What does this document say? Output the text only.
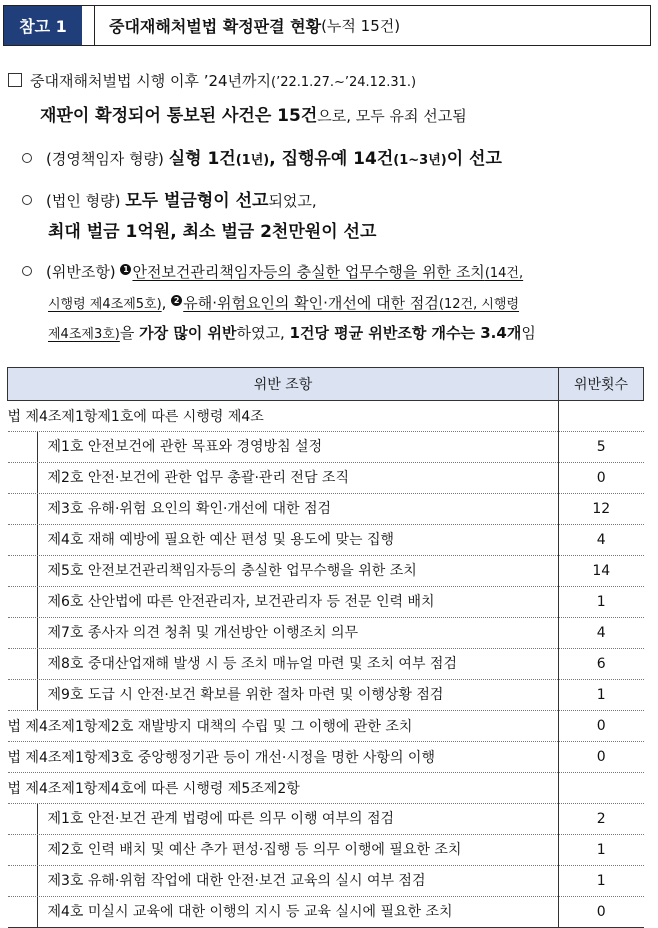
참고 1	중대재해처벌법 확정판결 현황 (누적 15건)
중대재해처벌법 시행 이후 ’24년까지(’22.1.27.~’24.12.31.)
재판이 확정되어 통보된 사건은 15건으로, 모두 유죄 선고됨
(경영책임자 형량) 실형 1건(1년), 집행유예 14건(1~3년)이 선고
(법인 형량) 모두 벌금형이 선고되었고,
최대 벌금 1억원, 최소 벌금 2천만원이 선고
(위반조항) 1 안전보건관리책임자등의 충실한 업무수행을 위한 조치(14건,
시행령 제4조제5호), 2 유해·위험요인의 확인·개선에 대한 점검(12건, 시행령
제4조제3호)을 가장 많이 위반하였고, 1건당 평균 위반조항 개수는 3.4개임
위반 조항	위반횟수
법 제4조제1항제1호에 따른 시행령 제4조	

제1호 안전보건에 관한 목표와 경영방침 설정	5

제2호 안전·보건에 관한 업무 총괄·관리 전담 조직	0

제3호 유해·위험 요인의 확인·개선에 대한 점검	12

제4호 재해 예방에 필요한 예산 편성 및 용도에 맞는 집행	4

제5호 안전보건관리책임자등의 충실한 업무수행을 위한 조치	14

제6호 산안법에 따른 안전관리자, 보건관리자 등 전문 인력 배치	1

제7호 종사자 의견 청취 및 개선방안 이행조치 의무	4

제8호 중대산업재해 발생 시 등 조치 매뉴얼 마련 및 조치 여부 점검	6

제9호 도급 시 안전·보건 확보를 위한 절차 마련 및 이행상황 점검	1
법 제4조제1항제2호 재발방지 대책의 수립 및 그 이행에 관한 조치	0
법 제4조제1항제3호 중앙행정기관 등이 개선·시정을 명한 사항의 이행	0
법 제4조제1항제4호에 따른 시행령 제5조제2항	

제1호 안전·보건 관계 법령에 따른 의무 이행 여부의 점검	2

제2호 인력 배치 및 예산 추가 편성·집행 등 의무 이행에 필요한 조치	1

제3호 유해·위험 작업에 대한 안전·보건 교육의 실시 여부 점검	1

제4호 미실시 교육에 대한 이행의 지시 등 교육 실시에 필요한 조치	0
